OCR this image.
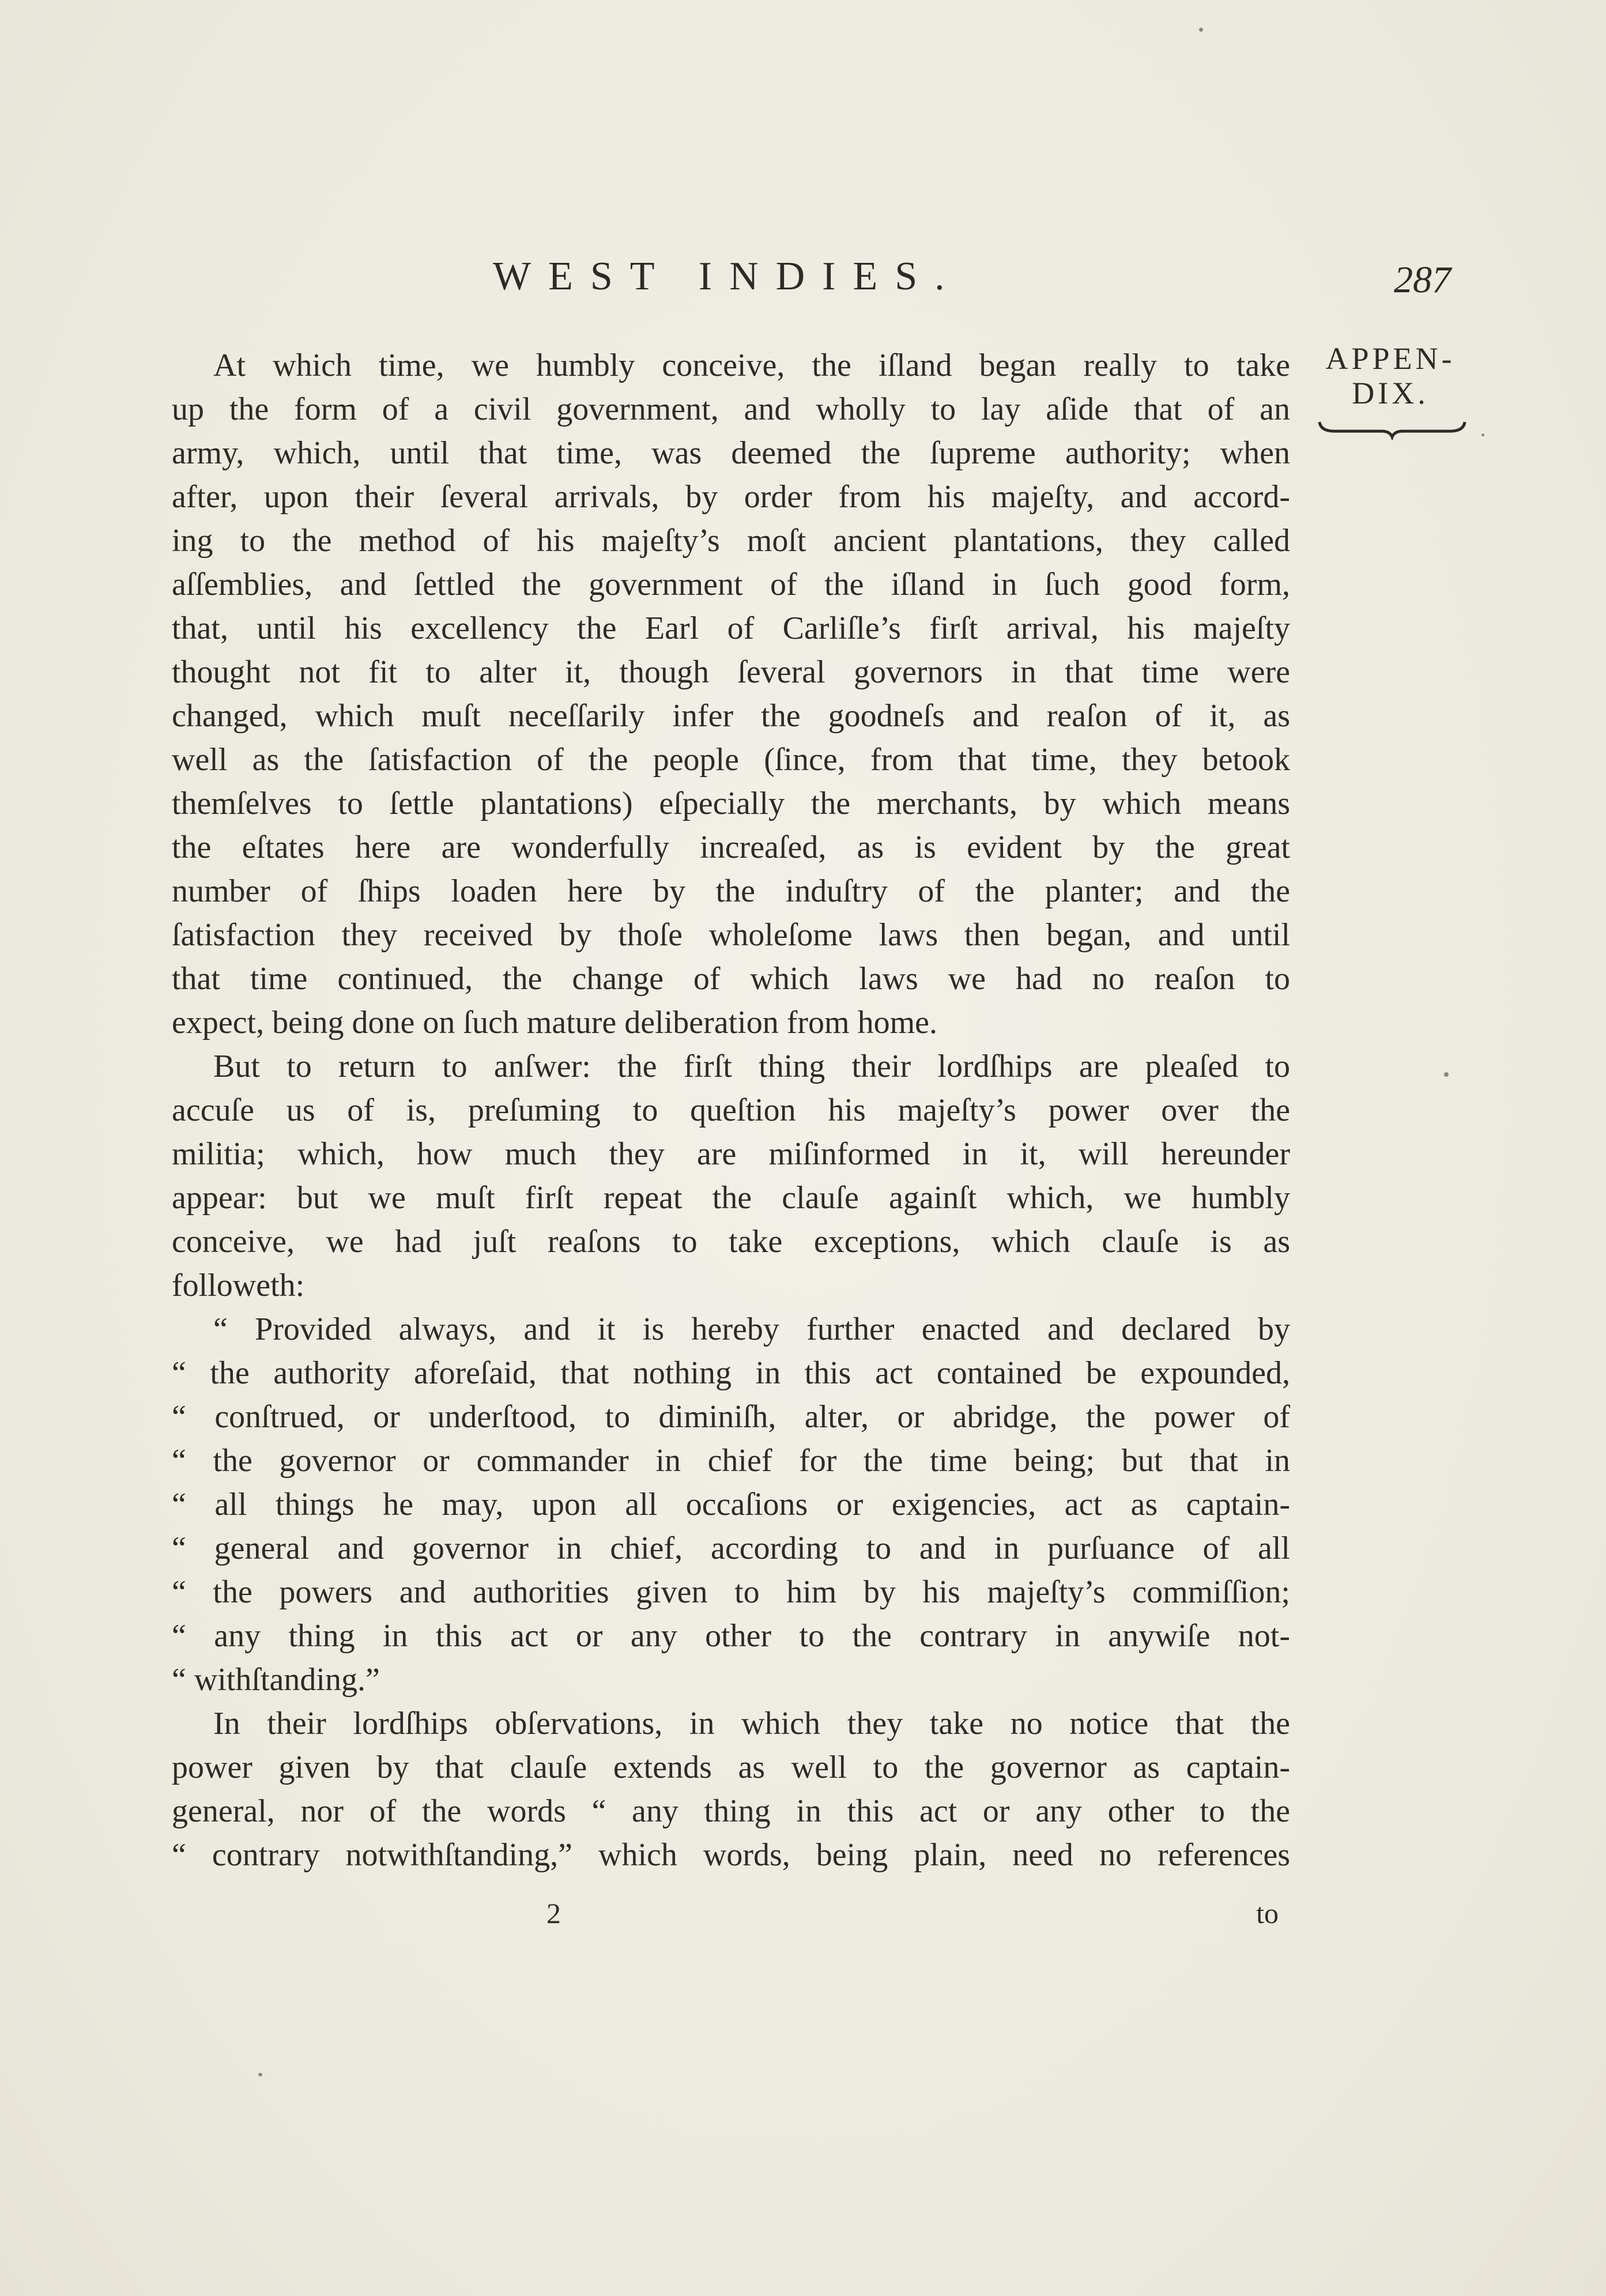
WEST INDIES.	287
APPEN-
DIX.
At which time, we humbly conceive, the iſland began really to take
up the form of a civil government, and wholly to lay aſide that of an
army, which, until that time, was deemed the ſupreme authority; when
after, upon their ſeveral arrivals, by order from his majeſty, and accord-
ing to the method of his majeſty’s moſt ancient plantations, they called
aſſemblies, and ſettled the government of the iſland in ſuch good form,
that, until his excellency the Earl of Carliſle’s firſt arrival, his majeſty
thought not fit to alter it, though ſeveral governors in that time were
changed, which muſt neceſſarily infer the goodneſs and reaſon of it, as
well as the ſatisfaction of the people (ſince, from that time, they betook
themſelves to ſettle plantations) eſpecially the merchants, by which means
the eſtates here are wonderfully increaſed, as is evident by the great
number of ſhips loaden here by the induſtry of the planter; and the
ſatisfaction they received by thoſe wholeſome laws then began, and until
that time continued, the change of which laws we had no reaſon to
expect, being done on ſuch mature deliberation from home.
But to return to anſwer: the firſt thing their lordſhips are pleaſed to
accuſe us of is, preſuming to queſtion his majeſty’s power over the
militia; which, how much they are miſinformed in it, will hereunder
appear: but we muſt firſt repeat the clauſe againſt which, we humbly
conceive, we had juſt reaſons to take exceptions, which clauſe is as
followeth:
“ Provided always, and it is hereby further enacted and declared by
“ the authority aforeſaid, that nothing in this act contained be expounded,
“ conſtrued, or underſtood, to diminiſh, alter, or abridge, the power of
“ the governor or commander in chief for the time being; but that in
“ all things he may, upon all occaſions or exigencies, act as captain-
“ general and governor in chief, according to and in purſuance of all
“ the powers and authorities given to him by his majeſty’s commiſſion;
“ any thing in this act or any other to the contrary in anywiſe not-
“ withſtanding.”
In their lordſhips obſervations, in which they take no notice that the
power given by that clauſe extends as well to the governor as captain-
general, nor of the words “ any thing in this act or any other to the
“ contrary notwithſtanding,” which words, being plain, need no references
2	to
